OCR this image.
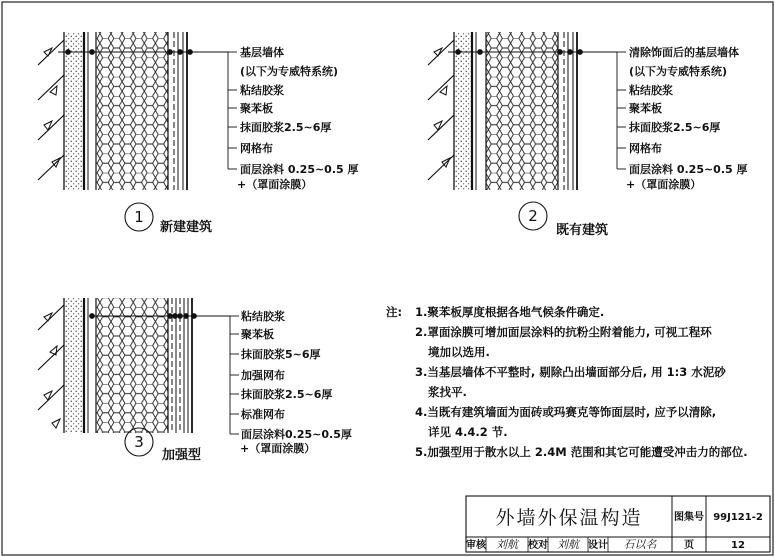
基层墙体
(以下为专威特系统)
粘结胶浆
聚苯板
抹面胶浆2.5~6厚
网格布
面层涂料 0.25~0.5 厚
+（罩面涂膜）
1
新建建筑
清除饰面后的基层墙体
(以下为专威特系统)
粘结胶浆
聚苯板
抹面胶浆2.5~6厚
网格布
面层涂料 0.25~0.5 厚
+（罩面涂膜）
2
既有建筑
粘结胶浆
聚苯板
抹面胶浆5~6厚
加强网布
抹面胶浆2.5~6厚
标准网布
面层涂料0.25~0.5厚
+（罩面涂膜）
3
加强型
注: 1.聚苯板厚度根据各地气候条件确定.
2.罩面涂膜可增加面层涂料的抗粉尘附着能力, 可视工程环
境加以选用.
3.当基层墙体不平整时, 剔除凸出墙面部分后, 用 1:3 水泥砂
浆找平.
4.当既有建筑墙面为面砖或玛赛克等饰面层时, 应予以清除,
详见 4.4.2 节.
5.加强型用于散水以上 2.4M 范围和其它可能遭受冲击力的部位.
外墙外保温构造	图集号 99J121-2
审核 刘航 校对 刘航 设计 石以名	页	12
